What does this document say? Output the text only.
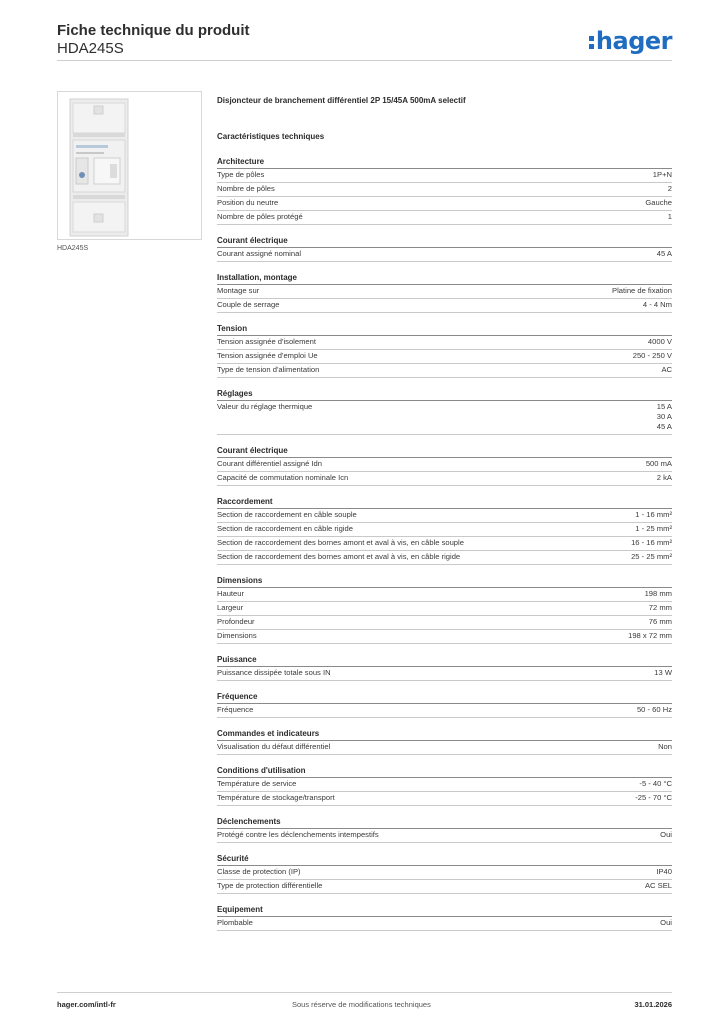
Fiche technique du produit
HDA245S	hager
HDA245S
Disjoncteur de branchement différentiel 2P 15/45A 500mA selectif
Caractéristiques techniques
Architecture
Type de pôles	1P+N
Nombre de pôles	2
Position du neutre	Gauche
Nombre de pôles protégé	1
Courant électrique
Courant assigné nominal	45 A
Installation, montage
Montage sur	Platine de fixation
Couple de serrage	4 - 4 Nm
Tension
Tension assignée d'isolement	4000 V
Tension assignée d'emploi Ue	250 - 250 V
Type de tension d'alimentation	AC
Réglages
Valeur du réglage thermique	15 A
30 A
45 A
Courant électrique
Courant différentiel assigné Idn	500 mA
Capacité de commutation nominale Icn	2 kA
Raccordement
Section de raccordement en câble souple	1 - 16 mm²
Section de raccordement en câble rigide	1 - 25 mm²
Section de raccordement des bornes amont et aval à vis, en câble souple	16 - 16 mm²
Section de raccordement des bornes amont et aval à vis, en câble rigide	25 - 25 mm²
Dimensions
Hauteur	198 mm
Largeur	72 mm
Profondeur	76 mm
Dimensions	198 x 72 mm
Puissance
Puissance dissipée totale sous IN	13 W
Fréquence
Fréquence	50 - 60 Hz
Commandes et indicateurs
Visualisation du défaut différentiel	Non
Conditions d'utilisation
Température de service	-5 - 40 °C
Température de stockage/transport	-25 - 70 °C
Déclenchements
Protégé contre les déclenchements intempestifs	Oui
Sécurité
Classe de protection (IP)	IP40
Type de protection différentielle	AC SEL
Equipement
Plombable	Oui
hager.com/intl-fr	Sous réserve de modifications techniques	31.01.2026
